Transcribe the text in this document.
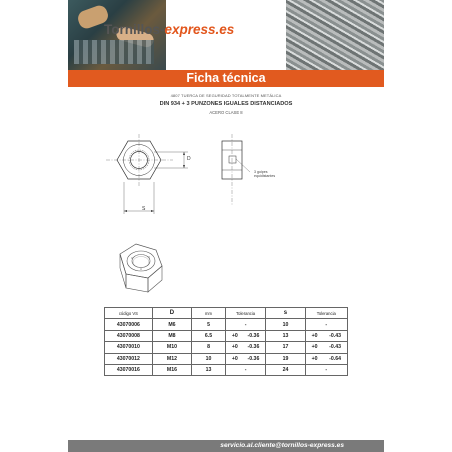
Tornillos-express.es
Ficha técnica
4807 TUERCA DE SEGURIDAD TOTALMENTE METÁLICA
DIN 934 + 3 PUNZONES IGUALES DISTANCIADOS
ACERO CLASE 8
D
S
3 golpes
equidistantes
código VS	D	mm	Tolerancia	s	Tolerancia
43070006	M6	5	-	10	-
43070008	M8	6.5	+0 -0.36	13	+0 -0.43

43070010	M10	8	+0 -0.36	17	+0 -0.43

43070012	M12	10	+0 -0.36	19	+0 -0.64

43070016	M16	13	-	24	-
servicio.al.cliente@tornillos-express.es
